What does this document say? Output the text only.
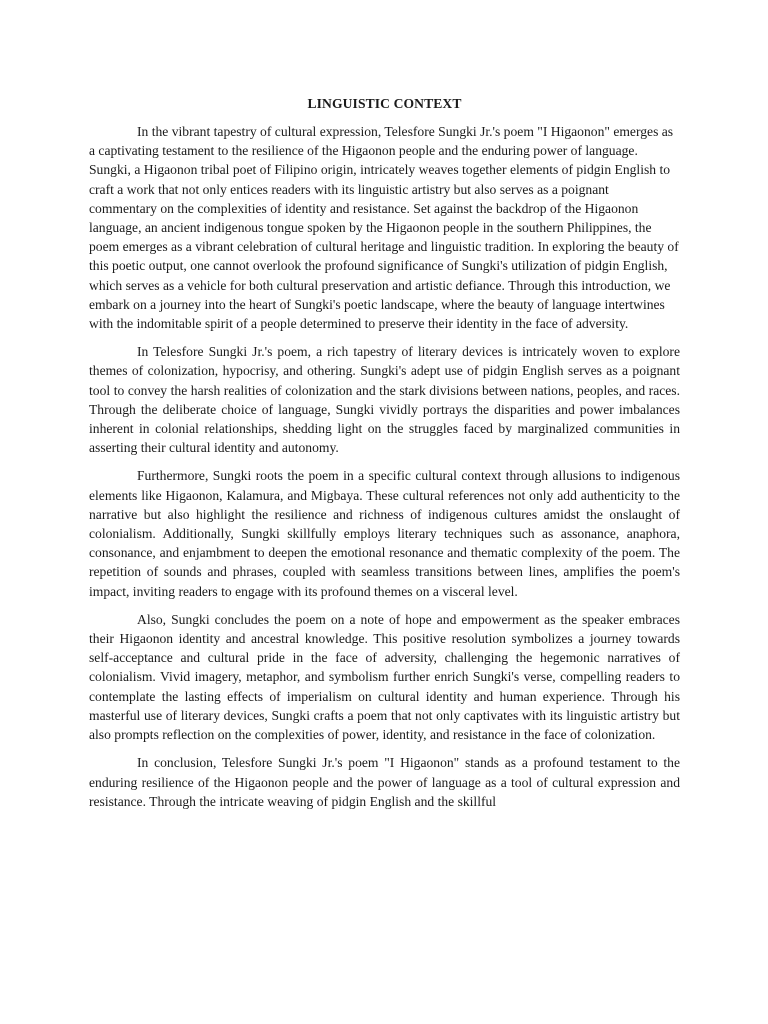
LINGUISTIC CONTEXT

In the vibrant tapestry of cultural expression, Telesfore Sungki Jr.'s poem "I Higaonon" emerges as a captivating testament to the resilience of the Higaonon people and the enduring power of language. Sungki, a Higaonon tribal poet of Filipino origin, intricately weaves together elements of pidgin English to craft a work that not only entices readers with its linguistic artistry but also serves as a poignant commentary on the complexities of identity and resistance. Set against the backdrop of the Higaonon language, an ancient indigenous tongue spoken by the Higaonon people in the southern Philippines, the poem emerges as a vibrant celebration of cultural heritage and linguistic tradition. In exploring the beauty of this poetic output, one cannot overlook the profound significance of Sungki's utilization of pidgin English, which serves as a vehicle for both cultural preservation and artistic defiance. Through this introduction, we embark on a journey into the heart of Sungki's poetic landscape, where the beauty of language intertwines with the indomitable spirit of a people determined to preserve their identity in the face of adversity.

In Telesfore Sungki Jr.'s poem, a rich tapestry of literary devices is intricately woven to explore themes of colonization, hypocrisy, and othering. Sungki's adept use of pidgin English serves as a poignant tool to convey the harsh realities of colonization and the stark divisions between nations, peoples, and races. Through the deliberate choice of language, Sungki vividly portrays the disparities and power imbalances inherent in colonial relationships, shedding light on the struggles faced by marginalized communities in asserting their cultural identity and autonomy.

Furthermore, Sungki roots the poem in a specific cultural context through allusions to indigenous elements like Higaonon, Kalamura, and Migbaya. These cultural references not only add authenticity to the narrative but also highlight the resilience and richness of indigenous cultures amidst the onslaught of colonialism. Additionally, Sungki skillfully employs literary techniques such as assonance, anaphora, consonance, and enjambment to deepen the emotional resonance and thematic complexity of the poem. The repetition of sounds and phrases, coupled with seamless transitions between lines, amplifies the poem's impact, inviting readers to engage with its profound themes on a visceral level.

Also, Sungki concludes the poem on a note of hope and empowerment as the speaker embraces their Higaonon identity and ancestral knowledge. This positive resolution symbolizes a journey towards self-acceptance and cultural pride in the face of adversity, challenging the hegemonic narratives of colonialism. Vivid imagery, metaphor, and symbolism further enrich Sungki's verse, compelling readers to contemplate the lasting effects of imperialism on cultural identity and human experience. Through his masterful use of literary devices, Sungki crafts a poem that not only captivates with its linguistic artistry but also prompts reflection on the complexities of power, identity, and resistance in the face of colonization.

In conclusion, Telesfore Sungki Jr.'s poem "I Higaonon" stands as a profound testament to the enduring resilience of the Higaonon people and the power of language as a tool of cultural expression and resistance. Through the intricate weaving of pidgin English and the skillful
